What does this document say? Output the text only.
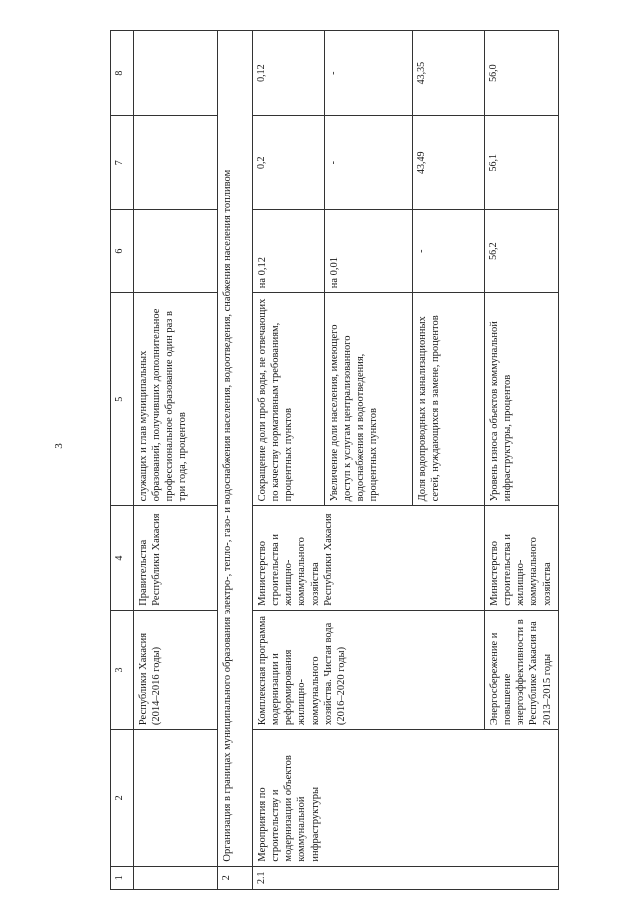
3
1	2	3	4	5	6	7	8
		Республики Хакасия (2014–2016 годы)	Правительства Республики Хакасия	служащих и глав муниципальных образований, получивших дополнительное профессиональное образование один раз в три года, процентов			
2	Организация в границах муниципального образования электро-, тепло-, газо- и водоснабжения населения, водоотведения, снабжения населения топливом						
2.1	Мероприятия по строительству и модернизации объектов коммунальной инфраструктуры	Комплексная программа модернизации и реформирования жилищно-коммунального хозяйства. Чистая вода (2016–2020 годы)	Министерство строительства и жилищно-коммунального хозяйства Республики Хакасия	Сокращение доли проб воды, не отвечающих по качеству нормативным требованиям, процентных пунктов	на 0,12	0,2	0,12
				Увеличение доли населения, имеющего доступ к услугам централизованного водоснабжения и водоотведения, процентных пунктов	на 0,01	-	-
				Доля водопроводных и канализационных сетей, нуждающихся в замене, процентов	-	43,49	43,35
		Энергосбережение и повышение энергоэффективности в Республике Хакасия на 2013–2015 годы	Министерство строительства и жилищно-коммунального хозяйства	Уровень износа объектов коммунальной инфраструктуры, процентов	56,2	56,1	56,0
